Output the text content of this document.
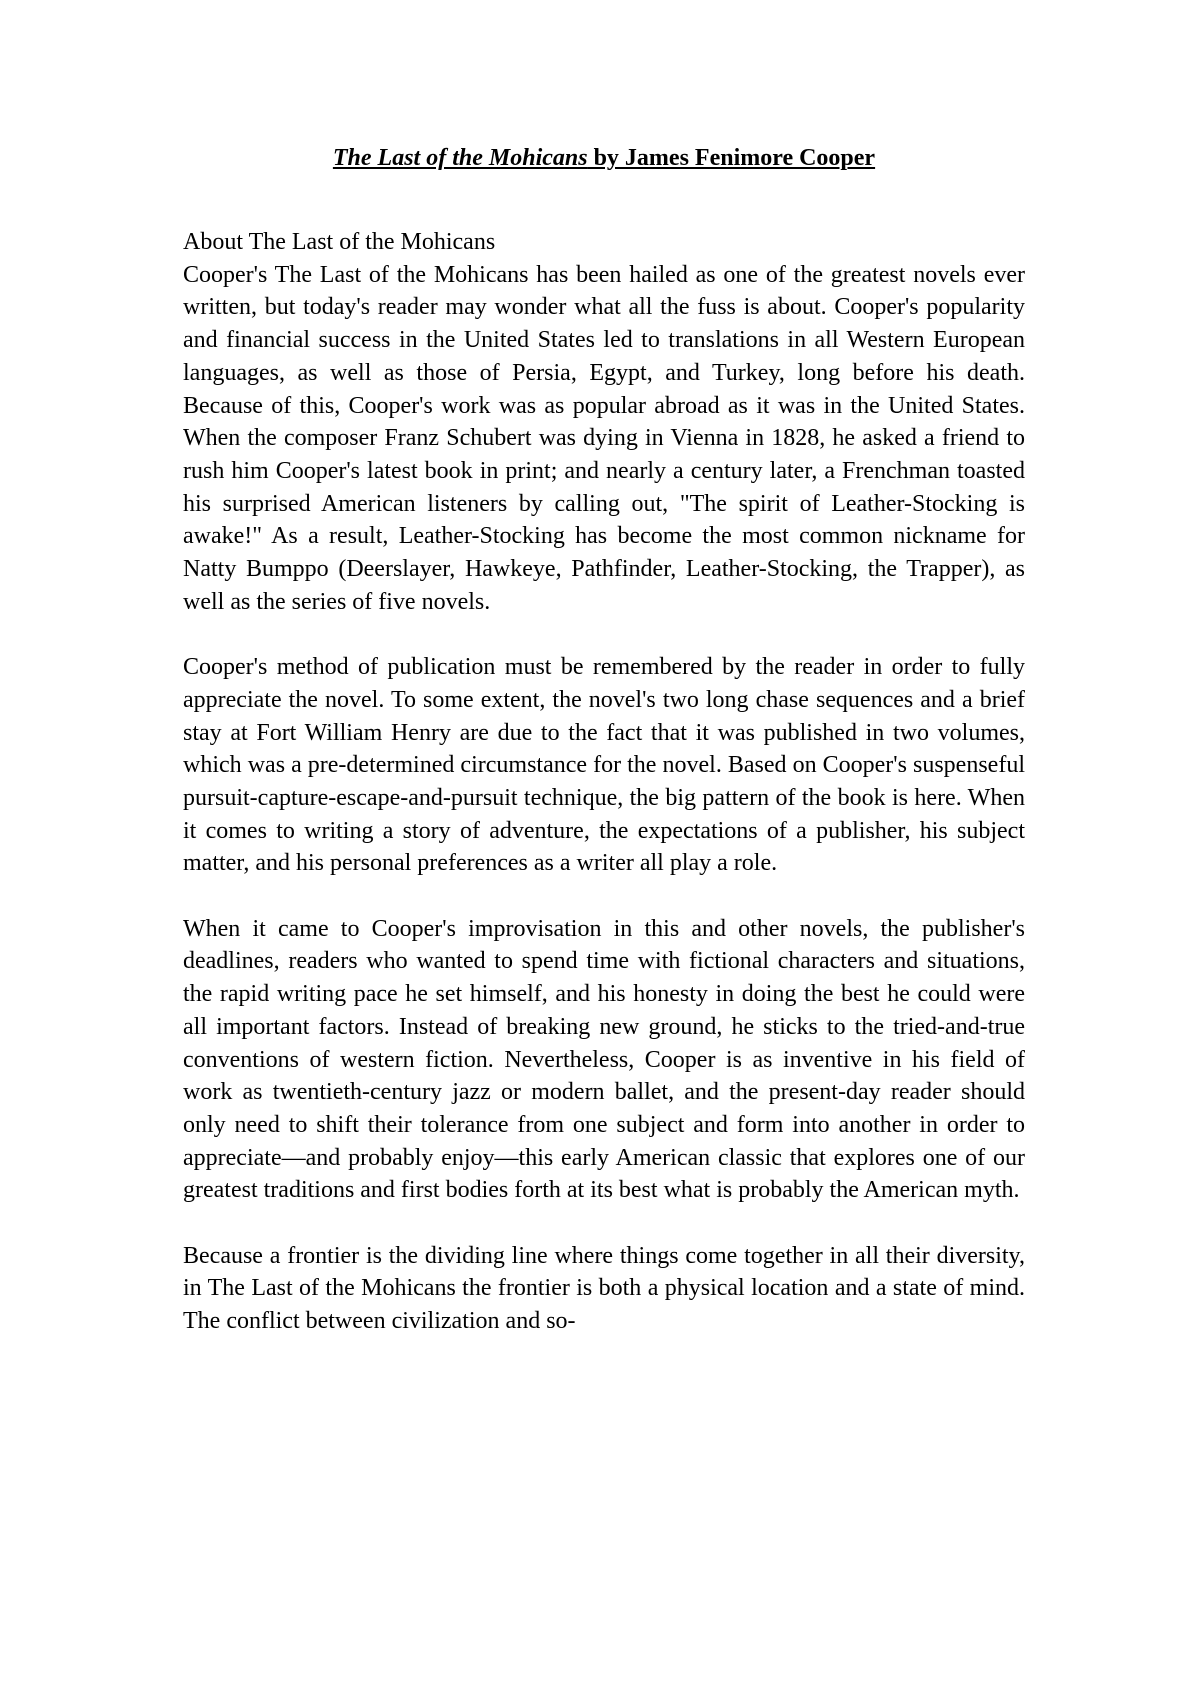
The Last of the Mohicans by James Fenimore Cooper

About The Last of the Mohicans

Cooper's The Last of the Mohicans has been hailed as one of the greatest novels ever written, but today's reader may wonder what all the fuss is about. Cooper's popularity and financial success in the United States led to translations in all Western European languages, as well as those of Persia, Egypt, and Turkey, long before his death. Because of this, Cooper's work was as popular abroad as it was in the United States. When the composer Franz Schubert was dying in Vienna in 1828, he asked a friend to rush him Cooper's latest book in print; and nearly a century later, a Frenchman toasted his surprised American listeners by calling out, "The spirit of Leather-Stocking is awake!" As a result, Leather-Stocking has become the most common nickname for Natty Bumppo (Deerslayer, Hawkeye, Pathfinder, Leather-Stocking, the Trapper), as well as the series of five novels.

Cooper's method of publication must be remembered by the reader in order to fully appreciate the novel. To some extent, the novel's two long chase sequences and a brief stay at Fort William Henry are due to the fact that it was published in two volumes, which was a pre-determined circumstance for the novel. Based on Cooper's suspenseful pursuit-capture-escape-and-pursuit technique, the big pattern of the book is here. When it comes to writing a story of adventure, the expectations of a publisher, his subject matter, and his personal preferences as a writer all play a role.

When it came to Cooper's improvisation in this and other novels, the publisher's deadlines, readers who wanted to spend time with fictional characters and situations, the rapid writing pace he set himself, and his honesty in doing the best he could were all important factors. Instead of breaking new ground, he sticks to the tried-and-true conventions of western fiction. Nevertheless, Cooper is as inventive in his field of work as twentieth-century jazz or modern ballet, and the present-day reader should only need to shift their tolerance from one subject and form into another in order to appreciate—and probably enjoy—this early American classic that explores one of our greatest traditions and first bodies forth at its best what is probably the American myth.

Because a frontier is the dividing line where things come together in all their diversity, in The Last of the Mohicans the frontier is both a physical location and a state of mind. The conflict between civilization and so-
